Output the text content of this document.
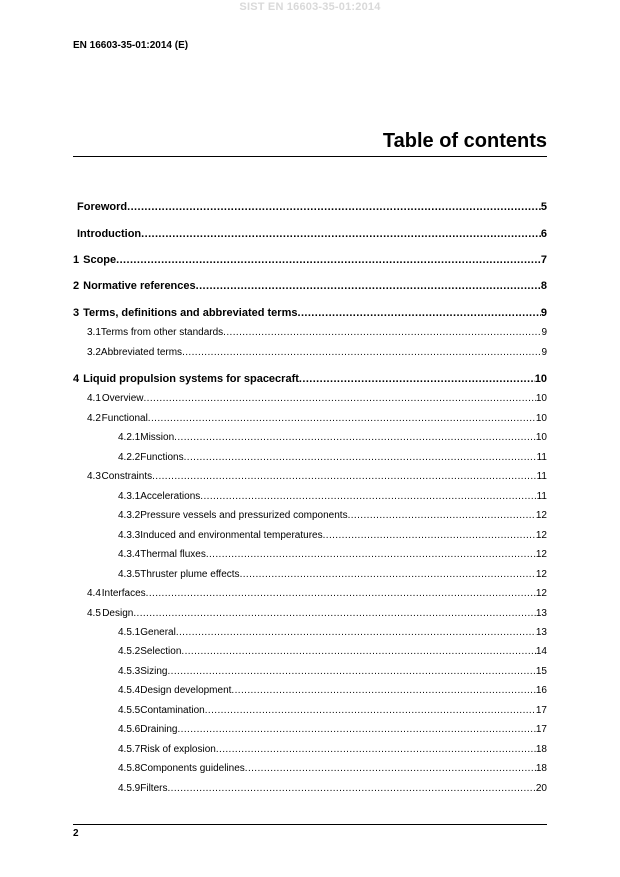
SIST EN 16603-35-01:2014
EN 16603-35-01:2014 (E)
Table of contents
Foreword .....	5
Introduction .....	6
1 Scope .....	7
2 Normative references .....	8
3 Terms, definitions and abbreviated terms .....	9
3.1 Terms from other standards .....	9
3.2 Abbreviated terms .....	9
4 Liquid propulsion systems for spacecraft .....	10
4.1 Overview .....	10
4.2 Functional .....	10
4.2.1 Mission .....	10
4.2.2 Functions .....	11
4.3 Constraints .....	11
4.3.1 Accelerations .....	11
4.3.2 Pressure vessels and pressurized components .....	12
4.3.3 Induced and environmental temperatures .....	12
4.3.4 Thermal fluxes .....	12
4.3.5 Thruster plume effects .....	12
4.4 Interfaces .....	12
4.5 Design .....	13
4.5.1 General .....	13
4.5.2 Selection .....	14
4.5.3 Sizing .....	15
4.5.4 Design development .....	16
4.5.5 Contamination .....	17
4.5.6 Draining .....	17
4.5.7 Risk of explosion .....	18
4.5.8 Components guidelines .....	18
4.5.9 Filters .....	20
2
